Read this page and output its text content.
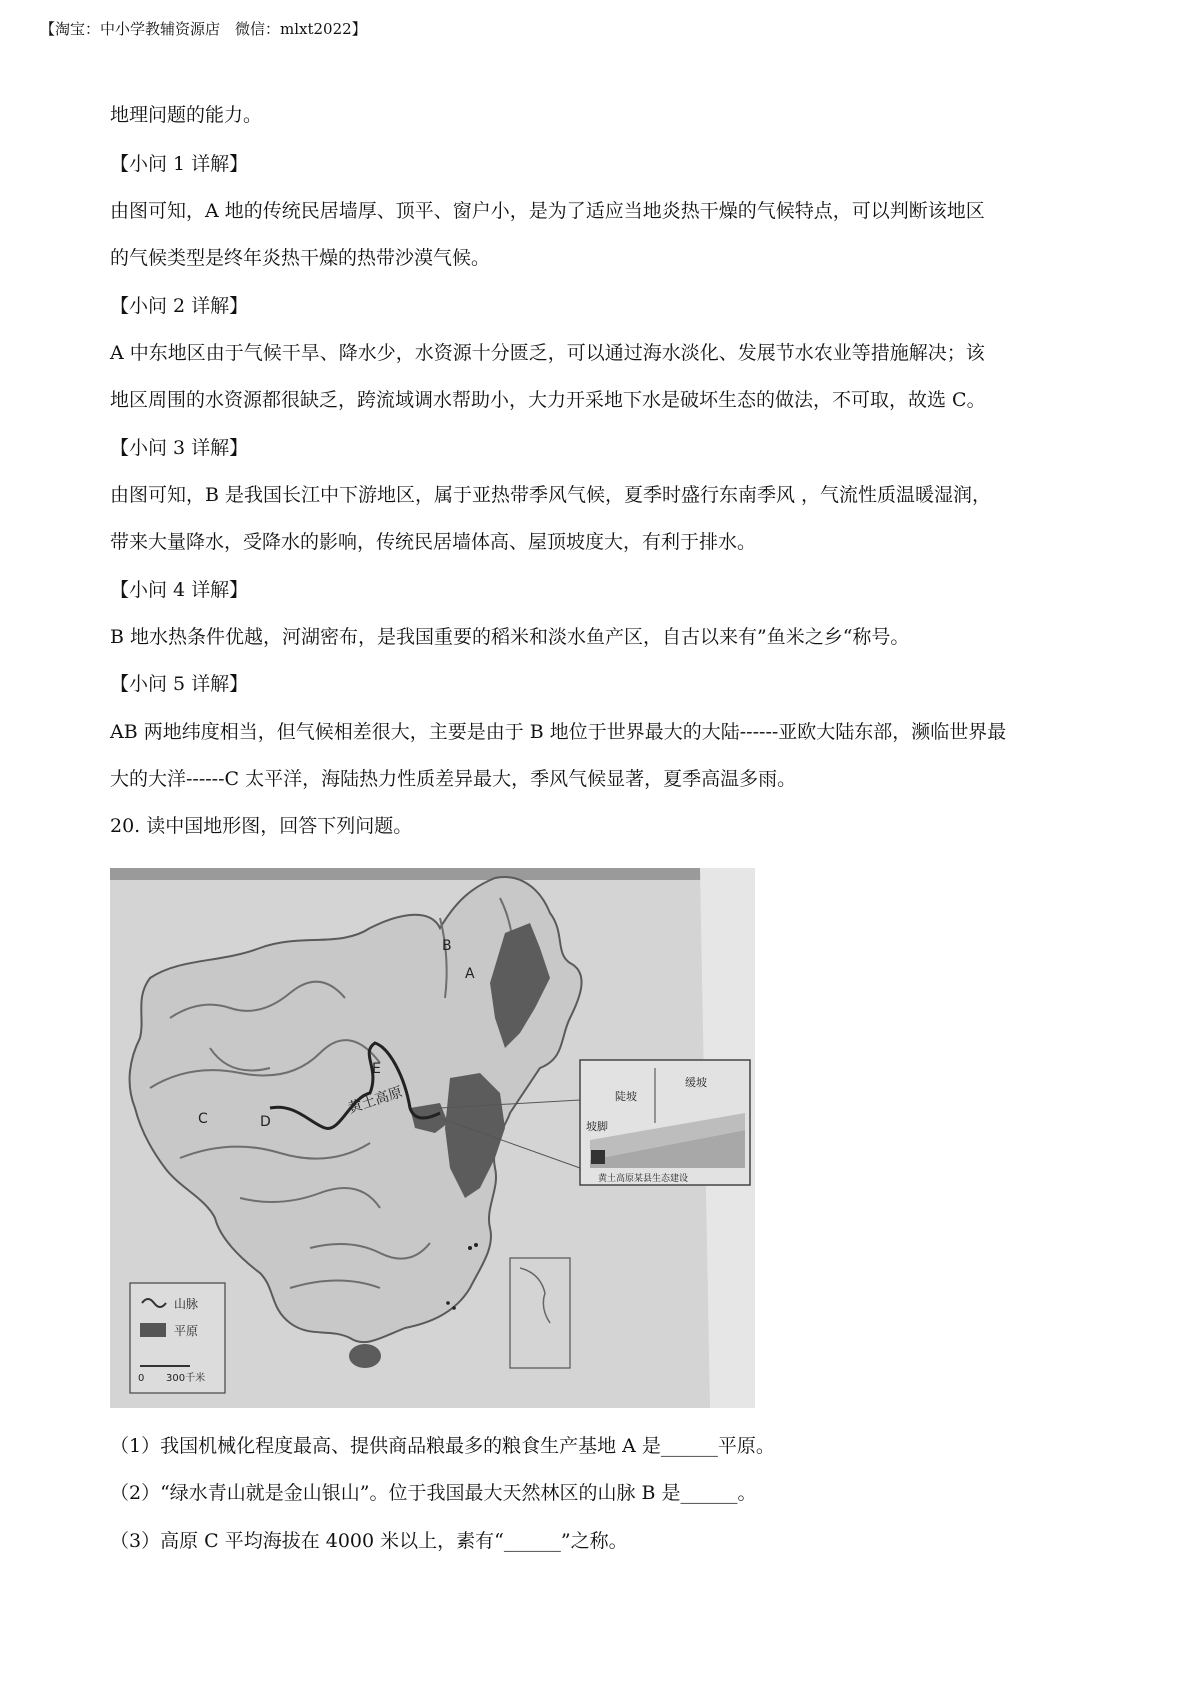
【淘宝：中小学教辅资源店　微信：mlxt2022】
地理问题的能力。
【小问 1 详解】
由图可知，A 地的传统民居墙厚、顶平、窗户小，是为了适应当地炎热干燥的气候特点，可以判断该地区
的气候类型是终年炎热干燥的热带沙漠气候。
【小问 2 详解】
A 中东地区由于气候干旱、降水少，水资源十分匮乏，可以通过海水淡化、发展节水农业等措施解决；该
地区周围的水资源都很缺乏，跨流域调水帮助小，大力开采地下水是破坏生态的做法，不可取，故选 C。
【小问 3 详解】
由图可知，B 是我国长江中下游地区，属于亚热带季风气候，夏季时盛行东南季风 ，气流性质温暖湿润，
带来大量降水，受降水的影响，传统民居墙体高、屋顶坡度大，有利于排水。
【小问 4 详解】
B 地水热条件优越，河湖密布，是我国重要的稻米和淡水鱼产区，自古以来有”鱼米之乡“称号。
【小问 5 详解】
AB 两地纬度相当，但气候相差很大，主要是由于 B 地位于世界最大的大陆------亚欧大陆东部，濒临世界最
大的大洋------C 太平洋，海陆热力性质差异最大，季风气候显著，夏季高温多雨。
20. 读中国地形图，回答下列问题。
B
A
C	D
E
黄土高原	陡坡
缓坡
坡脚
黄土高原某县生态建设
山脉
平原
0 300千米
（1）我国机械化程度最高、提供商品粮最多的粮食生产基地 A 是______平原。
（2）“绿水青山就是金山银山”。位于我国最大天然林区的山脉 B 是______。
（3）高原 C 平均海拔在 4000 米以上，素有“______”之称。
